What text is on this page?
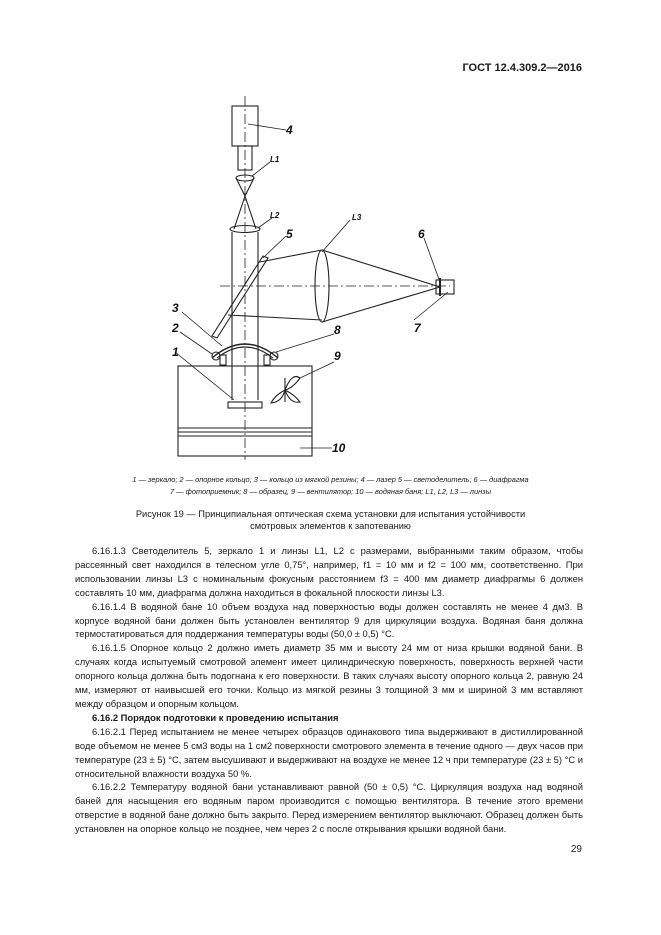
ГОСТ 12.4.309.2—2016
4
L1
L2	L3
5	6
3
2	8	7
1	9
10
1 — зеркало; 2 — опорное кольцо; 3 — кольцо из мягкой резины; 4 — лазер 5 — светоделитель; 6 — диафрагма
7 — фотоприемник; 8 — образец, 9 — вентилятор; 10 — водяная баня; L1, L2, L3 — линзы
Рисунок 19 — Принципиальная оптическая схема установки для испытания устойчивости
смотровых элементов к запотеванию

6.16.1.3 Светоделитель 5, зеркало 1 и линзы L1, L2 с размерами, выбранными таким образом, чтобы рассеянный свет находился в телесном угле 0,75°, например, f1 = 10 мм и f2 = 100 мм, соответственно. При использовании линзы L3 с номинальным фокусным расстоянием f3 = 400 мм диаметр диафрагмы 6 должен составлять 10 мм, диафрагма должна находиться в фокальной плоскости линзы L3.

6.16.1.4 В водяной бане 10 объем воздуха над поверхностью воды должен составлять не менее 4 дм3. В корпусе водяной бани должен быть установлен вентилятор 9 для циркуляции воздуха. Водяная баня должна термостатироваться для поддержания температуры воды (50,0 ± 0,5) °С.

6.16.1.5 Опорное кольцо 2 должно иметь диаметр 35 мм и высоту 24 мм от низа крышки водяной бани. В случаях когда испытуемый смотровой элемент имеет цилиндрическую поверхность, поверхность верхней части опорного кольца должна быть подогнана к его поверхности. В таких случаях высоту опорного кольца 2, равную 24 мм, измеряют от наивысшей его точки. Кольцо из мягкой резины 3 толщиной 3 мм и шириной 3 мм вставляют между образцом и опорным кольцом.

6.16.2 Порядок подготовки к проведению испытания

6.16.2.1 Перед испытанием не менее четырех образцов одинакового типа выдерживают в дистиллированной воде объемом не менее 5 см3 воды на 1 см2 поверхности смотрового элемента в течение одного — двух часов при температуре (23 ± 5) °С, затем высушивают и выдерживают на воздухе не менее 12 ч при температуре (23 ± 5) °С и относительной влажности воздуха 50 %.

6.16.2.2 Температуру водяной бани устанавливают равной (50 ± 0,5) °С. Циркуляция воздуха над водяной баней для насыщения его водяным паром производится с помощью вентилятора. В течение этого времени отверстие в водяной бане должно быть закрыто. Перед измерением вентилятор выключают. Образец должен быть установлен на опорное кольцо не позднее, чем через 2 с после открывания крышки водяной бани.

29
